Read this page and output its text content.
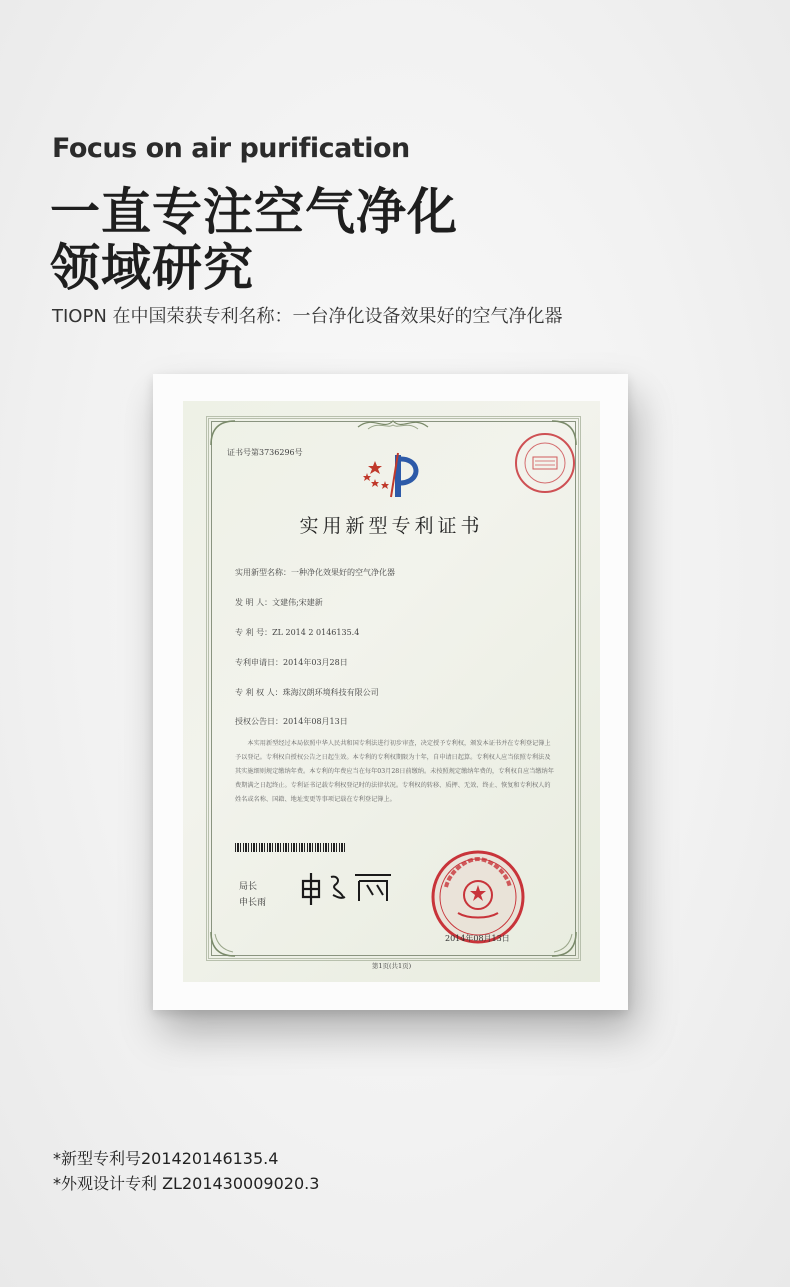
Focus on air purification
一直专注空气净化
领域研究
TIOPN 在中国荣获专利名称：一台净化设备效果好的空气净化器
证书号第3736296号
实用新型专利证书
实用新型名称：一种净化效果好的空气净化器
发 明 人：文建伟;宋建新
专 利 号：ZL 2014 2 0146135.4
专利申请日：2014年03月28日
专 利 权 人：珠海汉朗环境科技有限公司
授权公告日：2014年08月13日
本实用新型经过本局依照中华人民共和国专利法进行初步审查，决定授予专利权，颁发本证书并在专利登记簿上予以登记。专利权自授权公告之日起生效。本专利的专利权期限为十年，自申请日起算。专利权人应当依照专利法及其实施细则规定缴纳年费。本专利的年费应当在每年03月28日前缴纳。未按照规定缴纳年费的，专利权自应当缴纳年费期满之日起终止。专利证书记载专利权登记时的法律状况。专利权的转移、质押、无效、终止、恢复和专利权人的姓名或名称、国籍、地址变更等事项记载在专利登记簿上。
局长
申长雨
2014年08月13日
第1页(共1页)
*新型专利号201420146135.4
*外观设计专利 ZL201430009020.3
